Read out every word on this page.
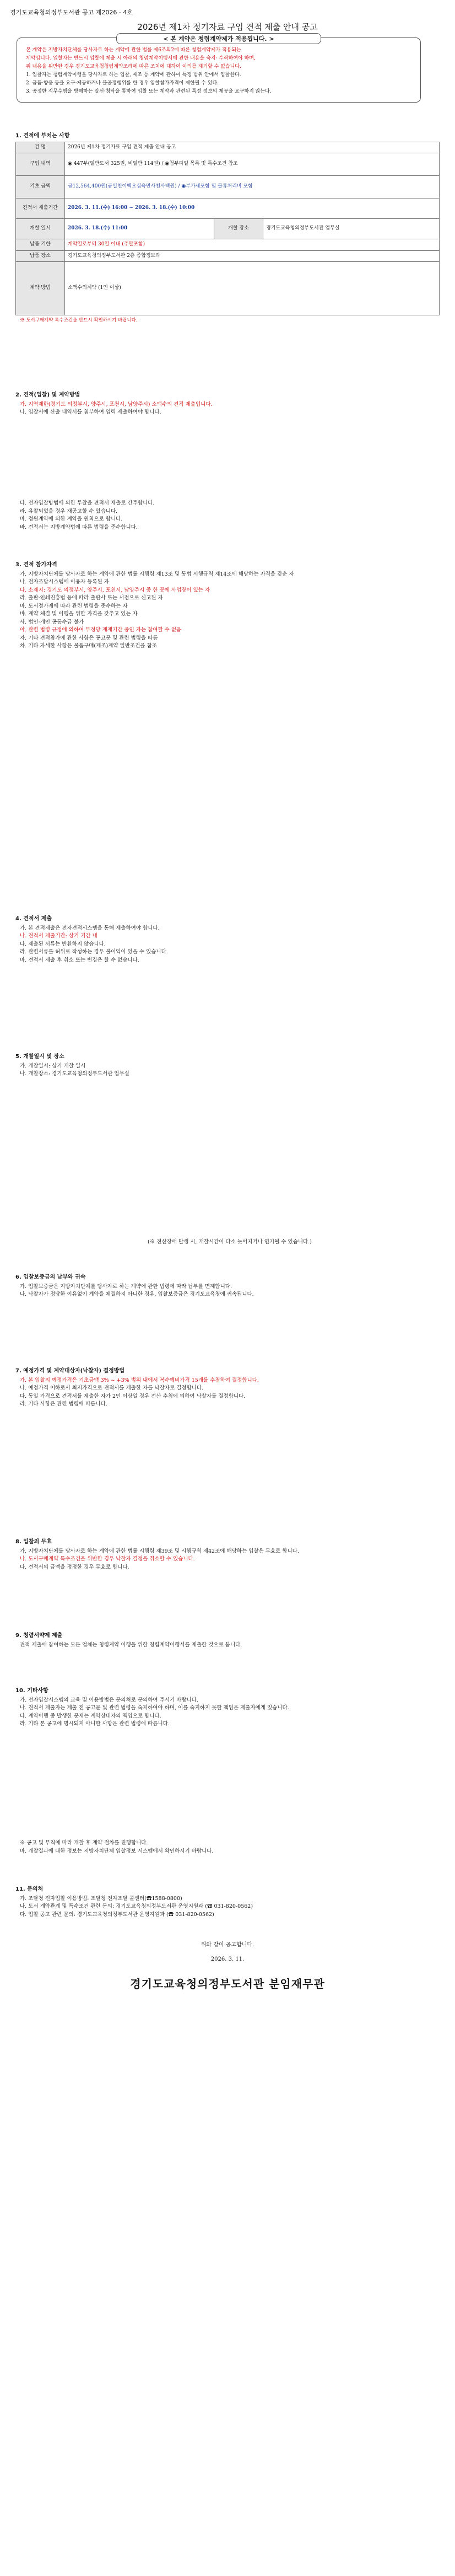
경기도교육청의정부도서관 공고 제2026 - 4호
2026년 제1차 정기자료 구입 견적 제출 안내 공고
< 본 계약은 청렴계약제가 적용됩니다. >

본 계약은 지방자치단체를 당사자로 하는 계약에 관한 법률 제6조의2에 따른 청렴계약제가 적용되는

계약입니다. 입찰자는 반드시 입찰에 제출 시 아래의 청렴계약이행서에 관한 내용을 숙지· 수락하여야 하며,

위 내용을 위반한 경우 경기도교육청청렴계약조례에 따른 조치에 대하여 이의를 제기할 수 없습니다.

1. 입찰자는 청렴계약이행을 당사자로 하는 입찰, 제조 등 계약에 관하여 특정 범위 안에서 입찰한다.

2. 금품·향응 등을 요구·제공하거나 불공정행위를 한 경우 입찰참가자격이 제한될 수 있다.

3. 공정한 직무수행을 방해하는 알선·청탁을 통하여 입찰 또는 계약과 관련된 특정 정보의 제공을 요구하지 않는다.

1. 견적에 부치는 사항
건 명	2026년 제1차 정기자료 구입 견적 제출 안내 공고		
구입 내역	◉ 447부(일반도서 325권, 비일반 114권) / ◉첨부파일 목록 및 특수조건 참조		
기초 금액	금12,564,400원(금일천이백오십육만사천사백원) / ◉부가세포함 및 물류처리비 포함		
견적서 제출기간	2026. 3. 11.(수) 16:00 ~ 2026. 3. 18.(수) 10:00		
개찰 일시	2026. 3. 18.(수) 11:00	개찰 장소	경기도교육청의정부도서관 업무실
납품 기한	계약일로부터 30일 이내 (주말포함)		
납품 장소	경기도교육청의정부도서관 2층 종합정보과		
계약 방법	소액수의계약 (1인 이상)		
※ 도서구매계약 특수조건을 반드시 확인하시기 바랍니다.
2. 견적(입찰) 및 계약방법

가. 지역제한(경기도 의정부시, 양주시, 포천시, 남양주시) 소액수의 견적 제출입니다.

나. 입찰서에 산출 내역서를 첨부하여 입력 제출하여야 합니다.

다. 전자입찰방법에 의한 투찰을 견적서 제출로 간주합니다.

라. 유찰되었을 경우 재공고할 수 있습니다.

마. 정원계약에 의한 계약을 원칙으로 합니다.

바. 견적서는 지방계약법에 따른 법령을 준수합니다.

3. 견적 참가자격

가. 지방자치단체를 당사자로 하는 계약에 관한 법률 시행령 제13조 및 동법 시행규칙 제14조에 해당하는 자격을 갖춘 자

나. 전자조달시스템에 이용자 등록된 자

다. 소재지: 경기도 의정부시, 양주시, 포천시, 남양주시 중 한 곳에 사업장이 있는 자

라. 출판·인쇄진흥법 등에 따라 출판사 또는 서점으로 신고된 자

마. 도서정가제에 따라 관련 법령을 준수하는 자

바. 계약 체결 및 이행을 위한 자격을 갖추고 있는 자

사. 법인·개인 공동수급 불가

아. 관련 법령 규정에 의하여 부정당 제재기간 중인 자는 참여할 수 없음

자. 기타 견적참가에 관한 사항은 공고문 및 관련 법령을 따름

차. 기타 자세한 사항은 물품구매(제조)계약 일반조건을 참조

4. 견적서 제출

가. 본 견적제출은 전자견적시스템을 통해 제출하여야 합니다.

나. 견적서 제출기간: 상기 기간 내

다. 제출된 서류는 반환하지 않습니다.

라. 관련서류를 허위로 작성하는 경우 불이익이 있을 수 있습니다.

마. 견적서 제출 후 취소 또는 변경은 할 수 없습니다.

5. 개찰일시 및 장소

가. 개찰일시: 상기 개찰 일시

나. 개찰장소: 경기도교육청의정부도서관 업무실

(※ 전산장애 발생 시, 개찰시간이 다소 늦어지거나 연기될 수 있습니다.)

6. 입찰보증금의 납부와 귀속

가. 입찰보증금은 지방자치단체를 당사자로 하는 계약에 관한 법령에 따라 납부를 면제합니다.

나. 낙찰자가 정당한 이유없이 계약을 체결하지 아니한 경우, 입찰보증금은 경기도교육청에 귀속됩니다.

7. 예정가격 및 계약대상자(낙찰자) 결정방법

가. 본 입찰의 예정가격은 기초금액 3% ~ +3% 범위 내에서 복수예비가격 15개를 추첨하여 결정합니다.

나. 예정가격 이하로서 최저가격으로 견적서를 제출한 자를 낙찰자로 결정합니다.

다. 동일 가격으로 견적서를 제출한 자가 2인 이상일 경우 전산 추첨에 의하여 낙찰자를 결정합니다.

라. 기타 사항은 관련 법령에 따릅니다.

8. 입찰의 무효

가. 지방자치단체를 당사자로 하는 계약에 관한 법률 시행령 제39조 및 시행규칙 제42조에 해당하는 입찰은 무효로 합니다.

나. 도서구매계약 특수조건을 위반한 경우 낙찰자 결정을 취소할 수 있습니다.

다. 견적서의 금액을 정정한 경우 무효로 합니다.

9. 청렴서약제 제출

견적 제출에 참여하는 모든 업체는 청렴계약 이행을 위한 청렴계약이행서를 제출한 것으로 봅니다.

10. 기타사항

가. 전자입찰시스템의 교육 및 이용방법은 문의처로 문의하여 주시기 바랍니다.

나. 견적서 제출자는 제출 전 공고문 및 관련 법령을 숙지하여야 하며, 이를 숙지하지 못한 책임은 제출자에게 있습니다.

다. 계약이행 중 발생한 문제는 계약상대자의 책임으로 합니다.

라. 기타 본 공고에 명시되지 아니한 사항은 관련 법령에 따릅니다.

※ 공고 및 부칙에 따라 개찰 후 계약 절차를 진행합니다.

마. 개찰결과에 대한 정보는 지방자치단체 입찰정보 시스템에서 확인하시기 바랍니다.

11. 문의처

가. 조달청 전자입찰 이용방법: 조달청 전자조달 콜센터(☎1588-0800)

나. 도서 계약관계 및 특수조건 관련 문의: 경기도교육청의정부도서관 운영지원과 (☎ 031-820-0562)

다. 입찰 공고 관련 문의: 경기도교육청의정부도서관 운영지원과 (☎ 031-820-0562)

위와 같이 공고합니다.
2026. 3. 11.
경기도교육청의정부도서관 분임재무관
